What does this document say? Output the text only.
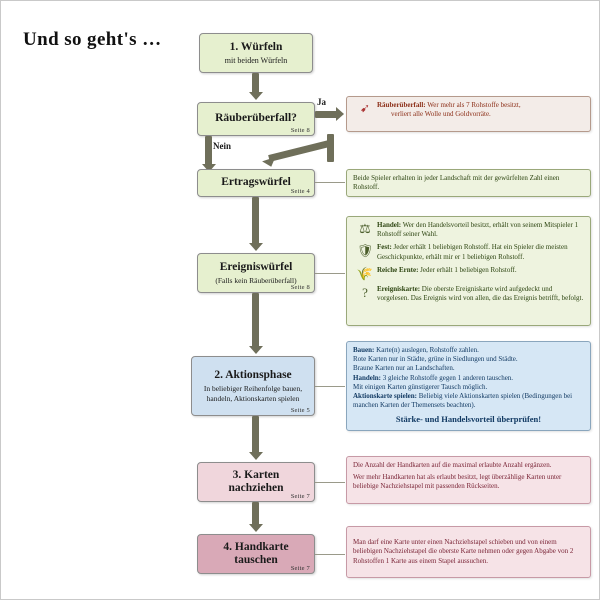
Und so geht's …	1. Würfeln
mit beiden Würfeln
Räuberüberfall?
Seite 8
Ja	➹ Räuberüberfall: Wer mehr als 7 Rohstoffe besitzt,
verliert alle Wolle und Goldvorräte.
Nein
Ertragswürfel
Seite 4
Beide Spieler erhalten in jeder Landschaft mit der gewürfelten Zahl einen Rohstoff.
Ereigniswürfel
(Falls kein Räuberüberfall)
Seite 8
⚖ Handel: Wer den Handelsvorteil besitzt, erhält von seinem Mitspieler 1 Rohstoff seiner Wahl.
🛡 Fest: Jeder erhält 1 beliebigen Rohstoff. Hat ein Spieler die meisten Geschickpunkte, erhält mir er 1 beliebigen Rohstoff.
🌾 Reiche Ernte: Jeder erhält 1 beliebigen Rohstoff.
?	Ereigniskarte: Die oberste Ereigniskarte wird aufgedeckt und vorgelesen. Das Ereignis wird von allen, die das Ereignis betrifft, befolgt.
2. Aktionsphase
In beliebiger Reihenfolge bauen, handeln, Aktionskarten spielen
Seite 5
Bauen: Karte(n) auslegen, Rohstoffe zahlen.
Rote Karten nur in Städte, grüne in Siedlungen und Städte.
Braune Karten nur an Landschaften.
Handeln: 3 gleiche Rohstoffe gegen 1 anderen tauschen.
Mit einigen Karten günstigerer Tausch möglich.
Aktionskarte spielen: Beliebig viele Aktionskarten spielen (Bedingungen bei manchen Karten der Themensets beachten).
Stärke- und Handelsvorteil überprüfen!
3. Karten nachziehen
Seite 7
Die Anzahl der Handkarten auf die maximal erlaubte Anzahl ergänzen.
Wer mehr Handkarten hat als erlaubt besitzt, legt überzählige Karten unter beliebige Nachziehstapel mit passenden Rückseiten.
4. Handkarte tauschen
Seite 7
Man darf eine Karte unter einen Nachziehstapel schieben und von einem beliebigen Nachziehstapel die oberste Karte nehmen oder gegen Abgabe von 2 Rohstoffen 1 Karte aus einem Stapel aussuchen.
